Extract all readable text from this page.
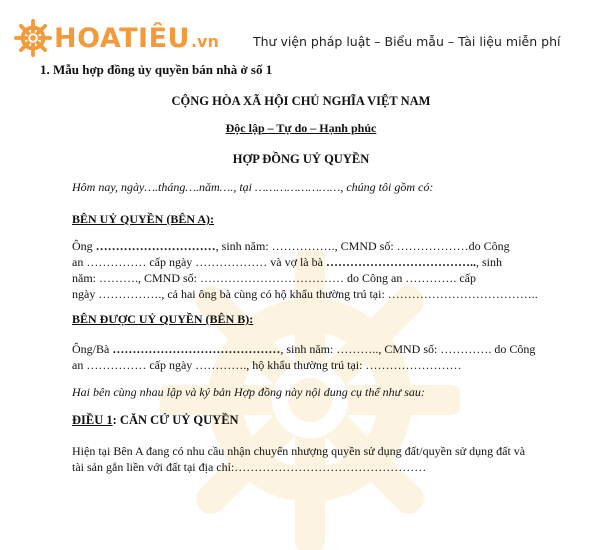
HOATIÊU .vn	Thư viện pháp luật – Biểu mẫu – Tài liệu miễn phí
1. Mẫu hợp đồng ủy quyền bán nhà ở số 1
CỘNG HÒA XÃ HỘI CHỦ NGHĨA VIỆT NAM
Độc lập – Tự do – Hạnh phúc
HỢP ĐỒNG UỶ QUYỀN
Hôm nay, ngày….tháng….năm…., tại ……………………, chúng tôi gồm có:
BÊN UỶ QUYỀN (BÊN A):
Ông …………………………, sinh năm: ……………., CMND số: ………………do Công
an …………… cấp ngày ……………… và vợ là bà ……………………………….., sinh
năm: ………., CMND số: ……………………………… do Công an …………. cấp
ngày ……………., cả hai ông bà cùng có hộ khẩu thường trú tại: ………………………………..
BÊN ĐƯỢC UỶ QUYỀN (BÊN B):
Ông/Bà ……………………………………, sinh năm: ……….., CMND số: …………. do Công
an …………… cấp ngày …………., hộ khẩu thường trú tại: ……………………
Hai bên cùng nhau lập và ký bản Hợp đồng này nội dung cụ thể như sau:
ĐIỀU 1: CĂN CỨ UỶ QUYỀN
Hiện tại Bên A đang có nhu cầu nhận chuyển nhượng quyền sử dụng đất/quyền sử dụng đất và
tài sản gắn liền với đất tại địa chỉ:…………………………………………
